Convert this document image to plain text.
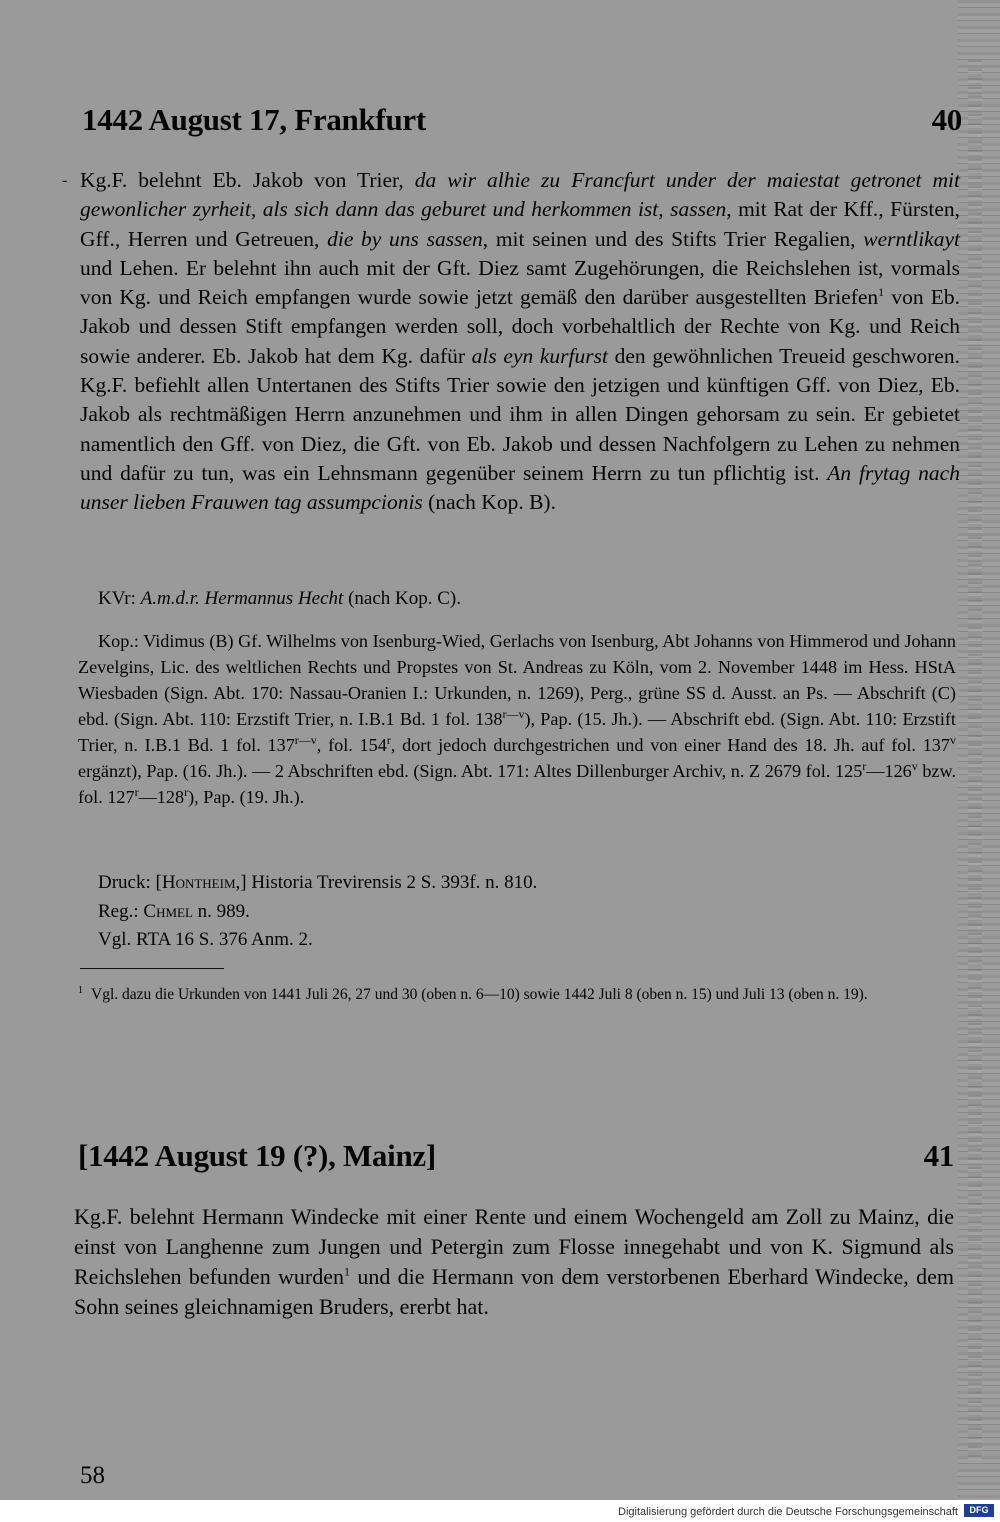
1442 August 17, Frankfurt	40
- Kg.F. belehnt Eb. Jakob von Trier, da wir alhie zu Francfurt under der maiestat getronet mit gewonlicher zyrheit, als sich dann das geburet und herkommen ist, sassen, mit Rat der Kff., Fürsten, Gff., Herren und Getreuen, die by uns sassen, mit seinen und des Stifts Trier Regalien, werntlikayt und Lehen. Er belehnt ihn auch mit der Gft. Diez samt Zugehörungen, die Reichslehen ist, vormals von Kg. und Reich empfangen wurde sowie jetzt gemäß den darüber ausgestellten Briefen$^1$ von Eb. Jakob und dessen Stift empfangen werden soll, doch vorbehaltlich der Rechte von Kg. und Reich sowie anderer. Eb. Jakob hat dem Kg. dafür als eyn kurfurst den gewöhnlichen Treueid geschworen. Kg.F. befiehlt allen Untertanen des Stifts Trier sowie den jetzigen und künftigen Gff. von Diez, Eb. Jakob als rechtmäßigen Herrn anzunehmen und ihm in allen Dingen gehorsam zu sein. Er gebietet namentlich den Gff. von Diez, die Gft. von Eb. Jakob und dessen Nachfolgern zu Lehen zu nehmen und dafür zu tun, was ein Lehnsmann gegenüber seinem Herrn zu tun pflichtig ist. An frytag nach unser lieben Frauwen tag assumpcionis (nach Kop. B).

KVr: A.m.d.r. Hermannus Hecht (nach Kop. C).

Kop.: Vidimus (B) Gf. Wilhelms von Isenburg-Wied, Gerlachs von Isenburg, Abt Johanns von Himmerod und Johann Zevelgins, Lic. des weltlichen Rechts und Propstes von St. Andreas zu Köln, vom 2. November 1448 im Hess. HStA Wiesbaden (Sign. Abt. 170: Nassau-Oranien I.: Urkunden, n. 1269), Perg., grüne SS d. Ausst. an Ps. — Abschrift (C) ebd. (Sign. Abt. 110: Erzstift Trier, n. I.B.1 Bd. 1 fol. $138^{r—v}$), Pap. (15. Jh.). — Abschrift ebd. (Sign. Abt. 110: Erzstift Trier, n. I.B.1 Bd. 1 fol. $137^{r—v}$, fol. 154$^r$, dort jedoch durchgestrichen und von einer Hand des 18. Jh. auf fol. 137$^v$ ergänzt), Pap. (16. Jh.). — 2 Abschriften ebd. (Sign. Abt. 171: Altes Dillenburger Archiv, n. Z 2679 fol. 125$^r$—126$^v$ bzw. fol. 127$^r$—128$^r$), Pap. (19. Jh.).

Druck: [Hontheim,] Historia Trevirensis 2 S. 393f. n. 810.
Reg.: Chmel n. 989.
Vgl. RTA 16 S. 376 Anm. 2.
$^1$ Vgl. dazu die Urkunden von 1441 Juli 26, 27 und 30 (oben n. 6—10) sowie 1442 Juli 8 (oben n. 15) und Juli 13 (oben n. 19).
[1442 August 19 (?), Mainz]	41

Kg.F. belehnt Hermann Windecke mit einer Rente und einem Wochengeld am Zoll zu Mainz, die einst von Langhenne zum Jungen und Petergin zum Flosse innegehabt und von K. Sigmund als Reichslehen befunden wurden$^1$ und die Hermann von dem verstorbenen Eberhard Windecke, dem Sohn seines gleichnamigen Bruders, ererbt hat.

58
Digitalisierung gefördert durch die Deutsche Forschungsgemeinschaft	DFG
